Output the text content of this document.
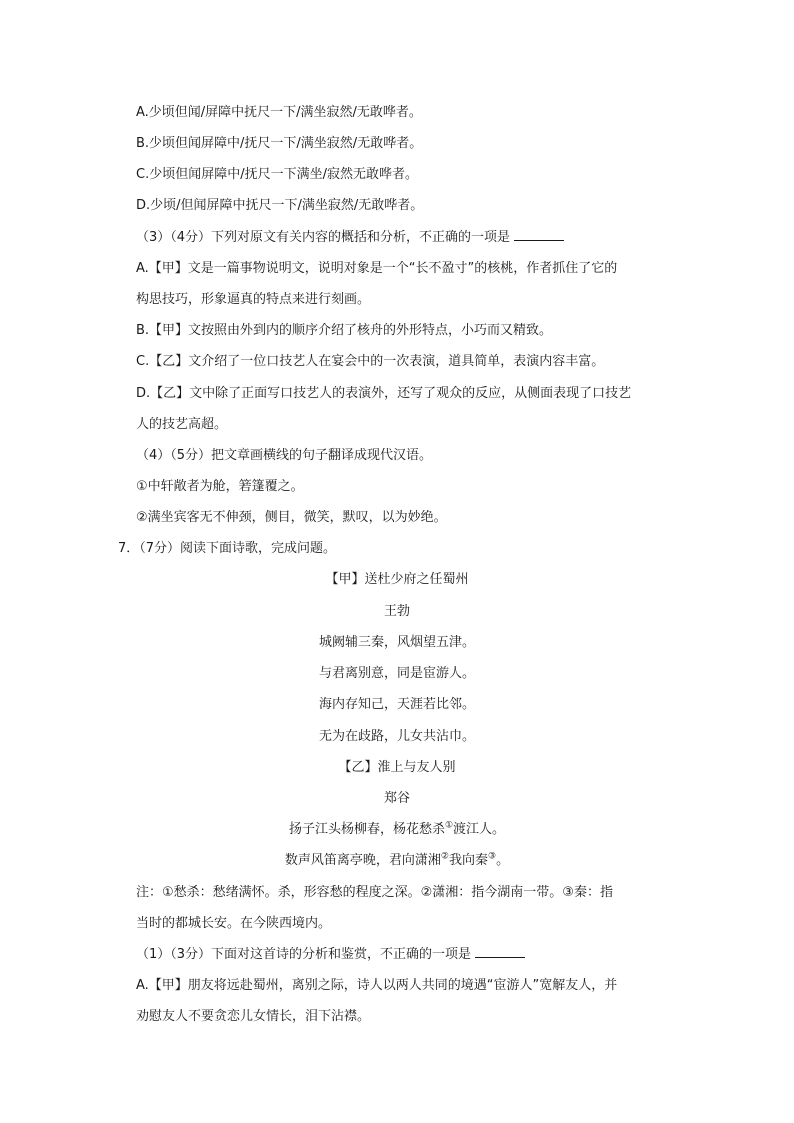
A.少顷但闻/屏障中抚尺一下/满坐寂然/无敢哗者。
B.少顷但闻屏障中/抚尺一下/满坐寂然/无敢哗者。
C.少顷但闻屏障中/抚尺一下满坐/寂然无敢哗者。
D.少顷/但闻屏障中抚尺一下/满坐寂然/无敢哗者。
（3）（4分）下列对原文有关内容的概括和分析，不正确的一项是
A.【甲】文是一篇事物说明文，说明对象是一个“长不盈寸”的核桃，作者抓住了它的
构思技巧，形象逼真的特点来进行刻画。
B.【甲】文按照由外到内的顺序介绍了核舟的外形特点，小巧而又精致。
C.【乙】文介绍了一位口技艺人在宴会中的一次表演，道具简单，表演内容丰富。
D.【乙】文中除了正面写口技艺人的表演外，还写了观众的反应，从侧面表现了口技艺
人的技艺高超。
（4）（5分）把文章画横线的句子翻译成现代汉语。
①中轩敞者为舱，箬篷覆之。
②满坐宾客无不伸颈，侧目，微笑，默叹，以为妙绝。
7．（7分）阅读下面诗歌，完成问题。
【甲】送杜少府之任蜀州
王勃
城阙辅三秦，风烟望五津。
与君离别意，同是宦游人。
海内存知己，天涯若比邻。
无为在歧路，儿女共沾巾。
【乙】淮上与友人别
郑谷
扬子江头杨柳春，杨花愁杀①渡江人。
数声风笛离亭晚，君向潇湘②我向秦③。
注：①愁杀：愁绪满怀。杀，形容愁的程度之深。②潇湘：指今湖南一带。③秦：指
当时的都城长安。在今陕西境内。
（1）（3分）下面对这首诗的分析和鉴赏，不正确的一项是
A.【甲】朋友将远赴蜀州，离别之际，诗人以两人共同的境遇“宦游人”宽解友人，并
劝慰友人不要贪恋儿女情长，泪下沾襟。
